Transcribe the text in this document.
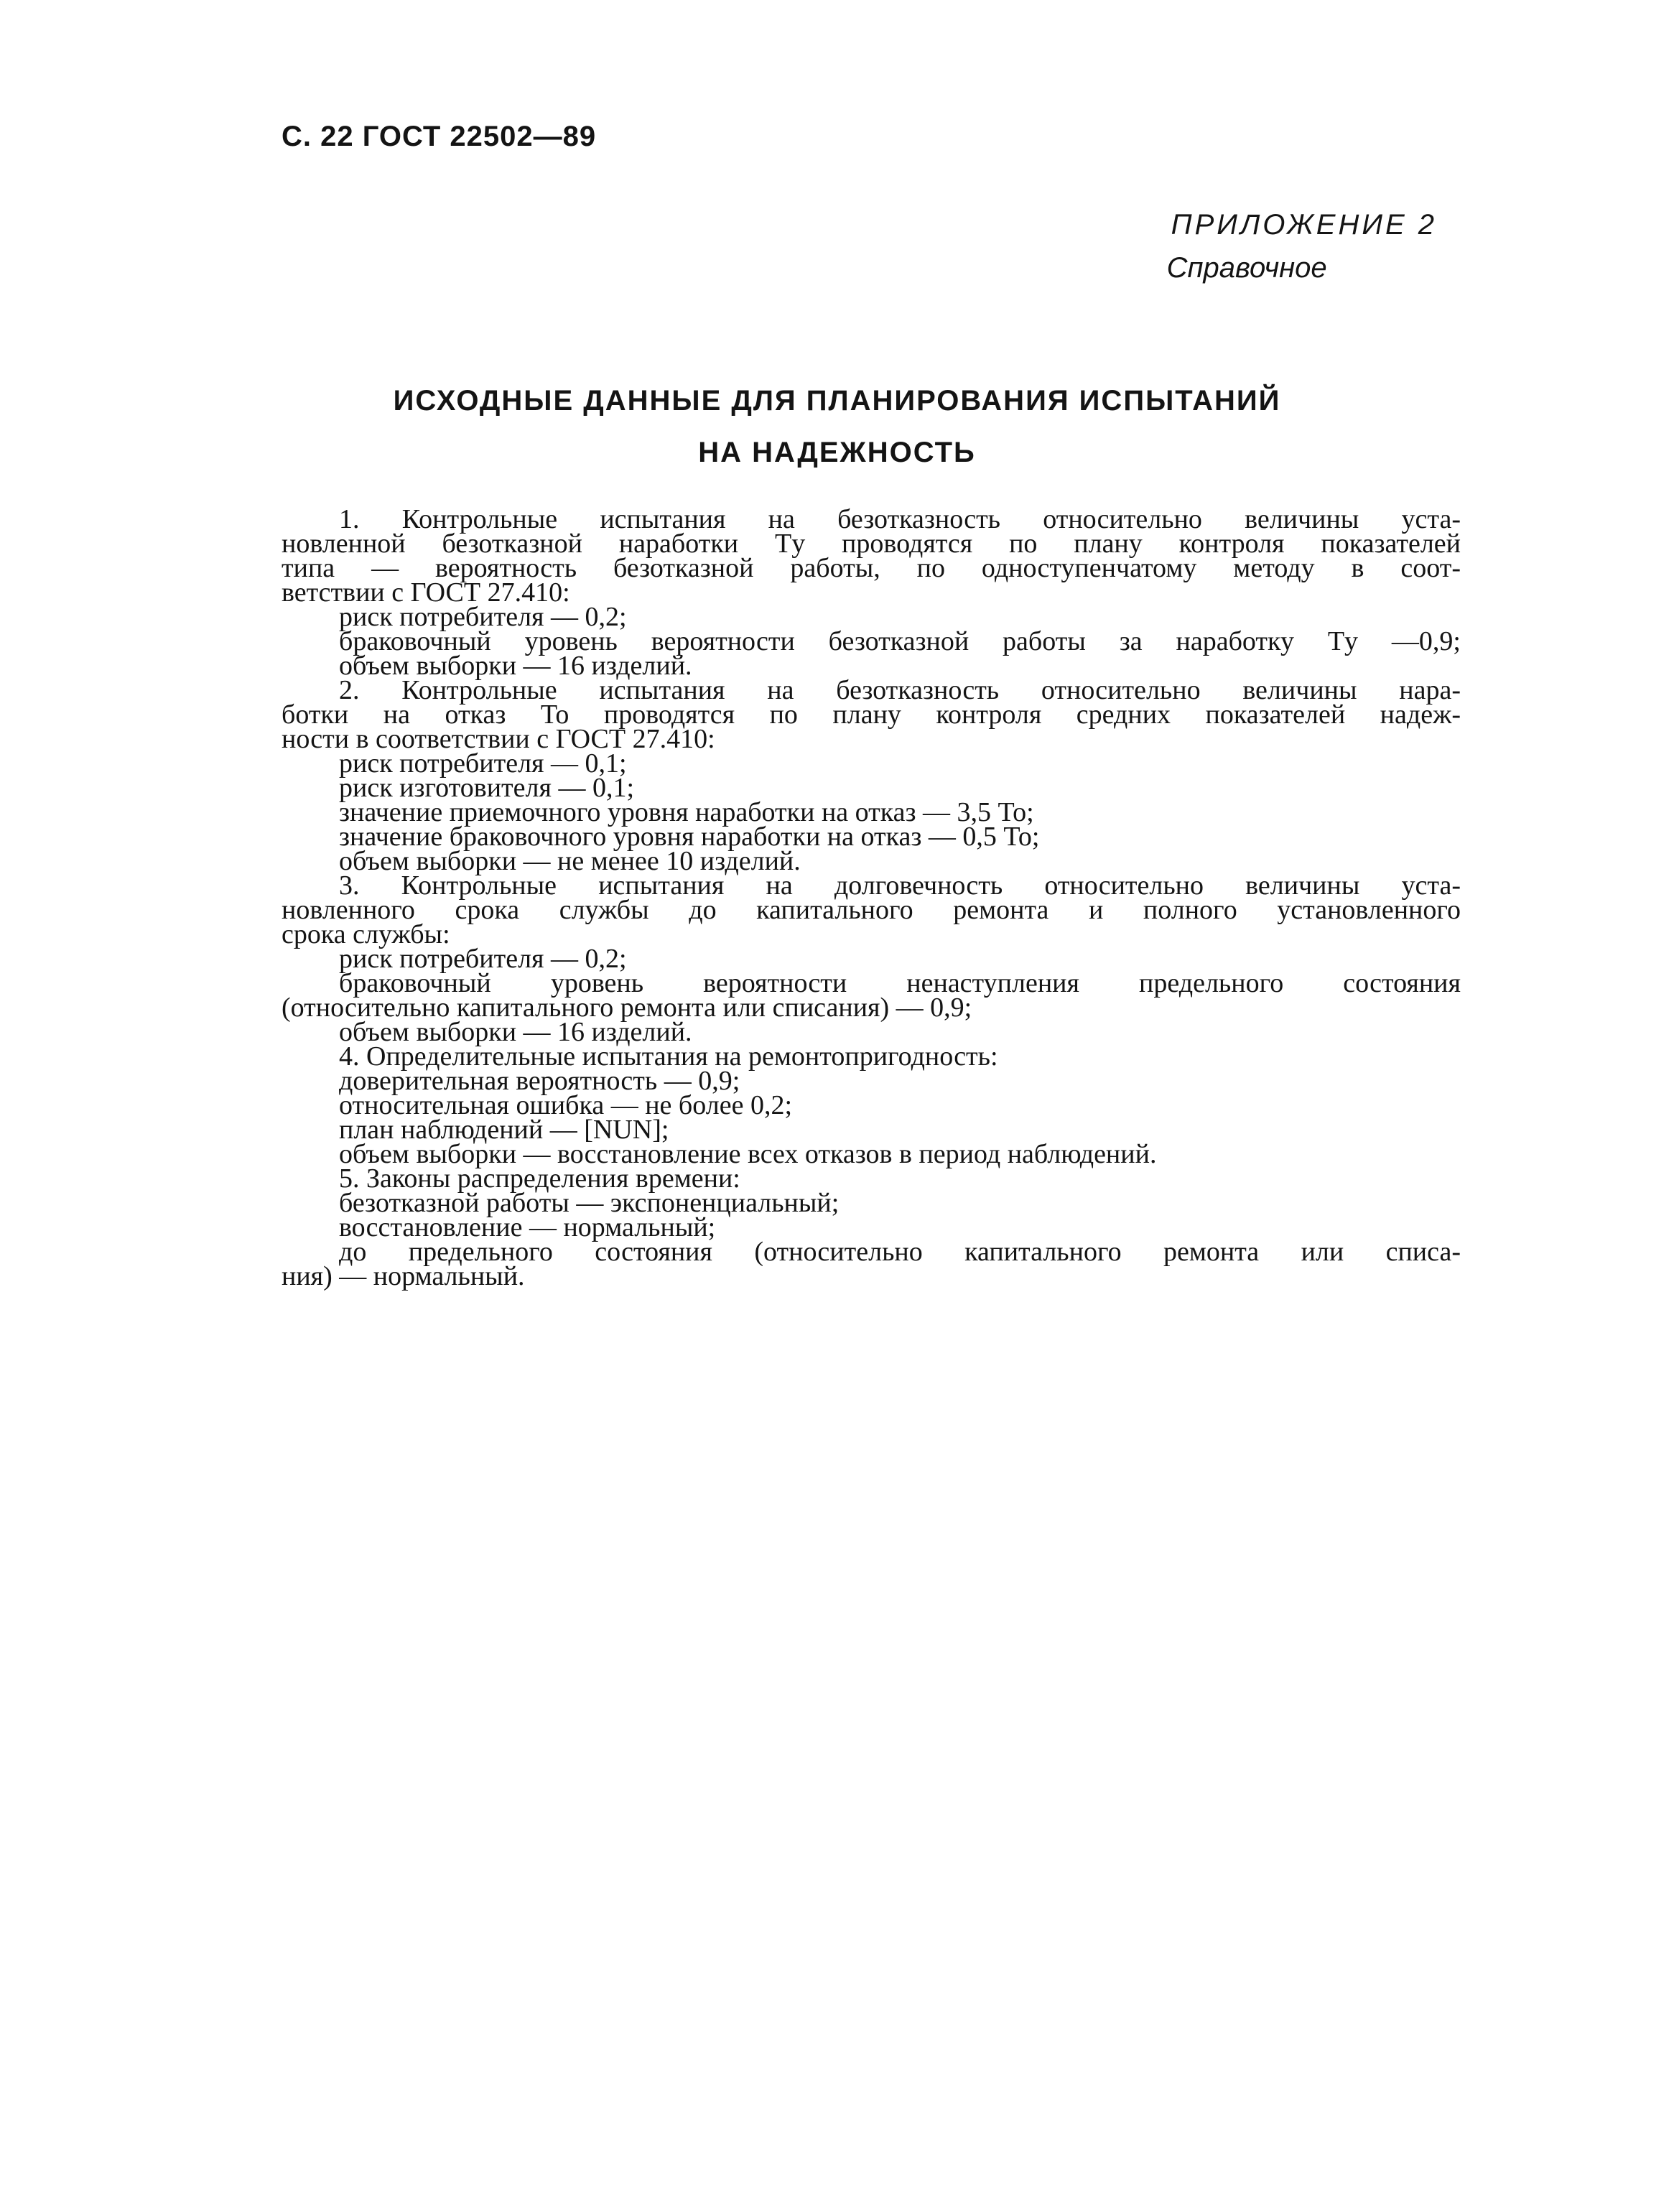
С. 22 ГОСТ 22502—89
ПРИЛОЖЕНИЕ 2
Справочное
ИСХОДНЫЕ ДАННЫЕ ДЛЯ ПЛАНИРОВАНИЯ ИСПЫТАНИЙ
НА НАДЕЖНОСТЬ
1. Контрольные испытания на безотказность относительно величины уста-
новленной безотказной наработки Tу проводятся по плану контроля показателей
типа — вероятность безотказной работы, по одноступенчатому методу в соот-
ветствии с ГОСТ 27.410:
риск потребителя — 0,2;
браковочный уровень вероятности безотказной работы за наработку Tу —0,9;
объем выборки — 16 изделий.
2. Контрольные испытания на безотказность относительно величины нара-
ботки на отказ To проводятся по плану контроля средних показателей надеж-
ности в соответствии с ГОСТ 27.410:
риск потребителя — 0,1;
риск изготовителя — 0,1;
значение приемочного уровня наработки на отказ — 3,5 To;
значение браковочного уровня наработки на отказ — 0,5 To;
объем выборки — не менее 10 изделий.
3. Контрольные испытания на долговечность относительно величины уста-
новленного срока службы до капитального ремонта и полного установленного
срока службы:
риск потребителя — 0,2;
браковочный уровень вероятности ненаступления предельного состояния
(относительно капитального ремонта или списания) — 0,9;
объем выборки — 16 изделий.
4. Определительные испытания на ремонтопригодность:
доверительная вероятность — 0,9;
относительная ошибка — не более 0,2;
план наблюдений — [NUN];
объем выборки — восстановление всех отказов в период наблюдений.
5. Законы распределения времени:
безотказной работы — экспоненциальный;
восстановление — нормальный;
до предельного состояния (относительно капитального ремонта или списа-
ния) — нормальный.
